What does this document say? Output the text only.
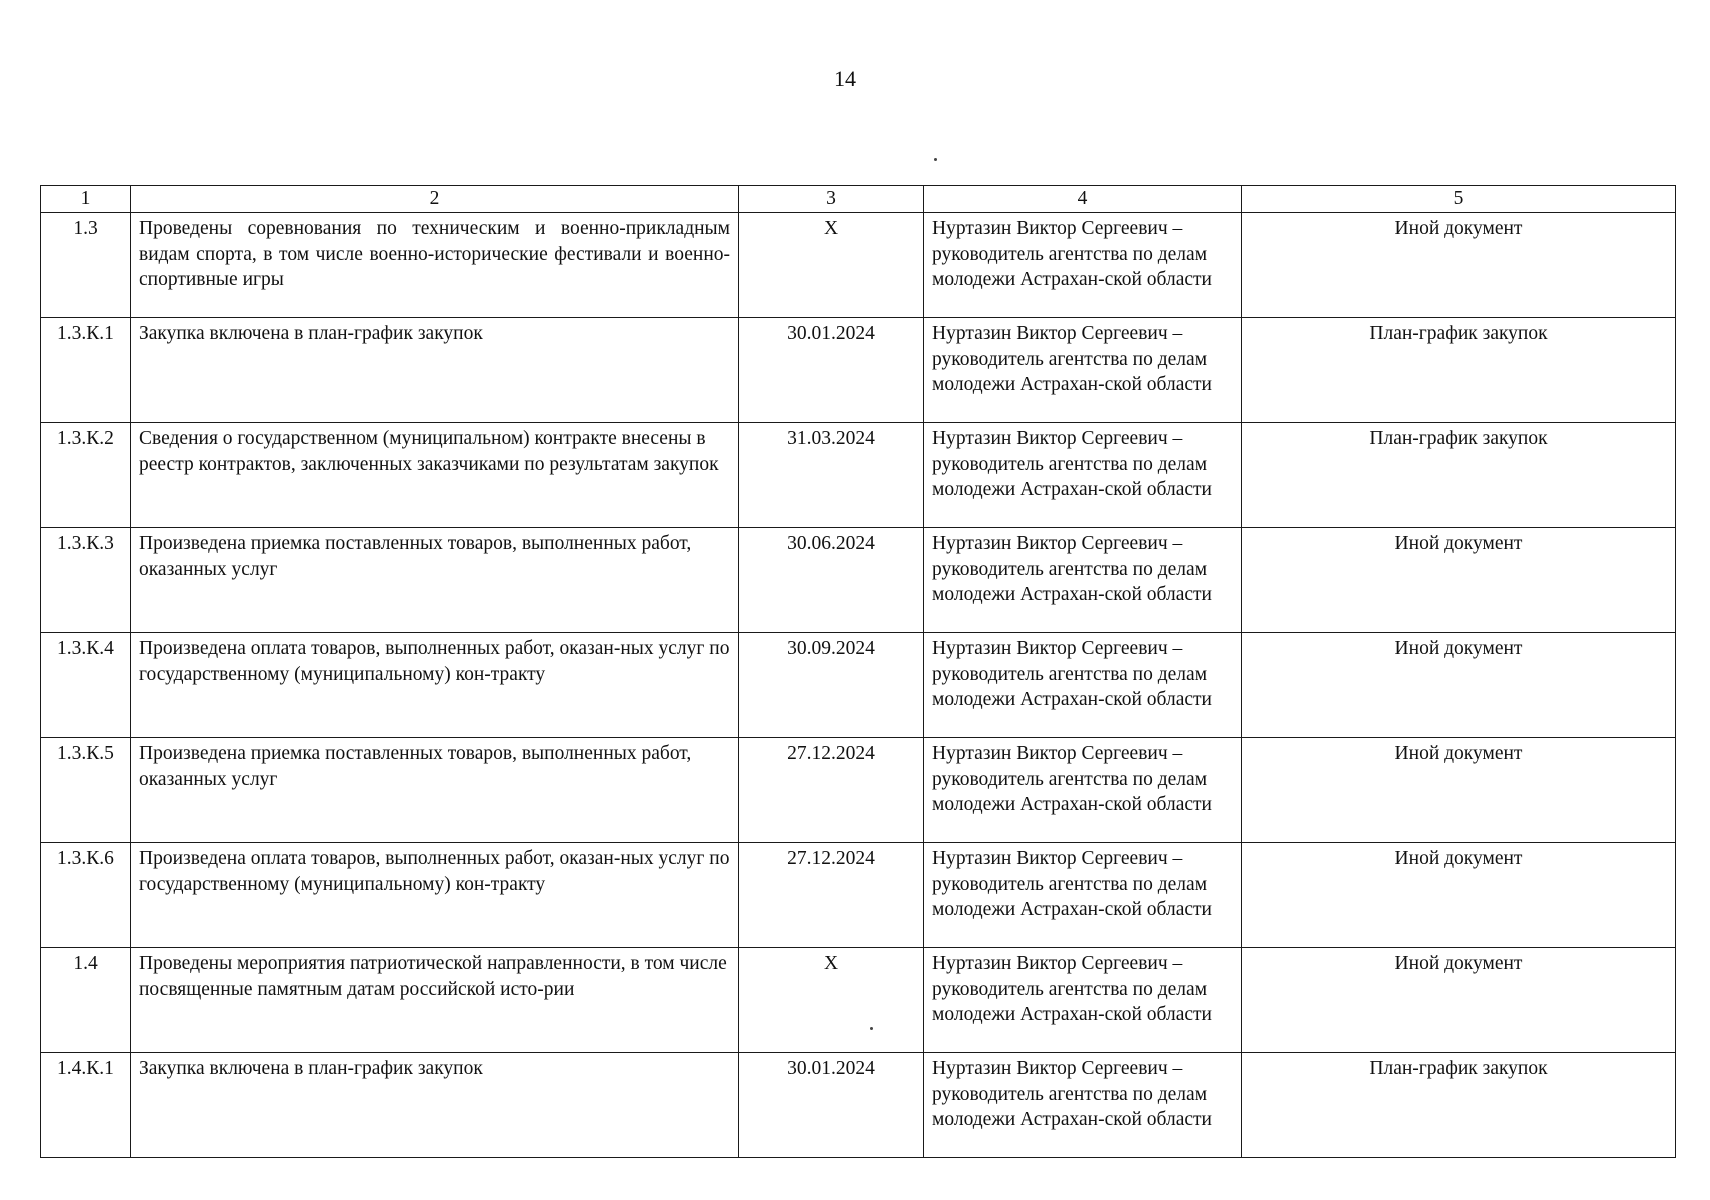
14
1	2	3	4	5
1.3	Проведены соревнования по техническим и военно-прикладным видам спорта, в том числе военно-исторические фестивали и военно-спортивные игры	X	Нуртазин Виктор Сергеевич – руководитель агентства по делам молодежи Астрахан-ской области	Иной документ
1.3.К.1	Закупка включена в план-график закупок	30.01.2024	Нуртазин Виктор Сергеевич – руководитель агентства по делам молодежи Астрахан-ской области	План-график закупок
1.3.К.2	Сведения о государственном (муниципальном) контракте внесены в реестр контрактов, заключенных заказчиками по результатам закупок	31.03.2024	Нуртазин Виктор Сергеевич – руководитель агентства по делам молодежи Астрахан-ской области	План-график закупок
1.3.К.3	Произведена приемка поставленных товаров, выполненных работ, оказанных услуг	30.06.2024	Нуртазин Виктор Сергеевич – руководитель агентства по делам молодежи Астрахан-ской области	Иной документ
1.3.К.4	Произведена оплата товаров, выполненных работ, оказан-ных услуг по государственному (муниципальному) кон-тракту	30.09.2024	Нуртазин Виктор Сергеевич – руководитель агентства по делам молодежи Астрахан-ской области	Иной документ
1.3.К.5	Произведена приемка поставленных товаров, выполненных работ, оказанных услуг	27.12.2024	Нуртазин Виктор Сергеевич – руководитель агентства по делам молодежи Астрахан-ской области	Иной документ
1.3.К.6	Произведена оплата товаров, выполненных работ, оказан-ных услуг по государственному (муниципальному) кон-тракту	27.12.2024	Нуртазин Виктор Сергеевич – руководитель агентства по делам молодежи Астрахан-ской области	Иной документ
1.4	Проведены мероприятия патриотической направленности, в том числе посвященные памятным датам российской исто-рии	X	Нуртазин Виктор Сергеевич – руководитель агентства по делам молодежи Астрахан-ской области	Иной документ
1.4.К.1	Закупка включена в план-график закупок	30.01.2024	Нуртазин Виктор Сергеевич – руководитель агентства по делам молодежи Астрахан-ской области	План-график закупок
